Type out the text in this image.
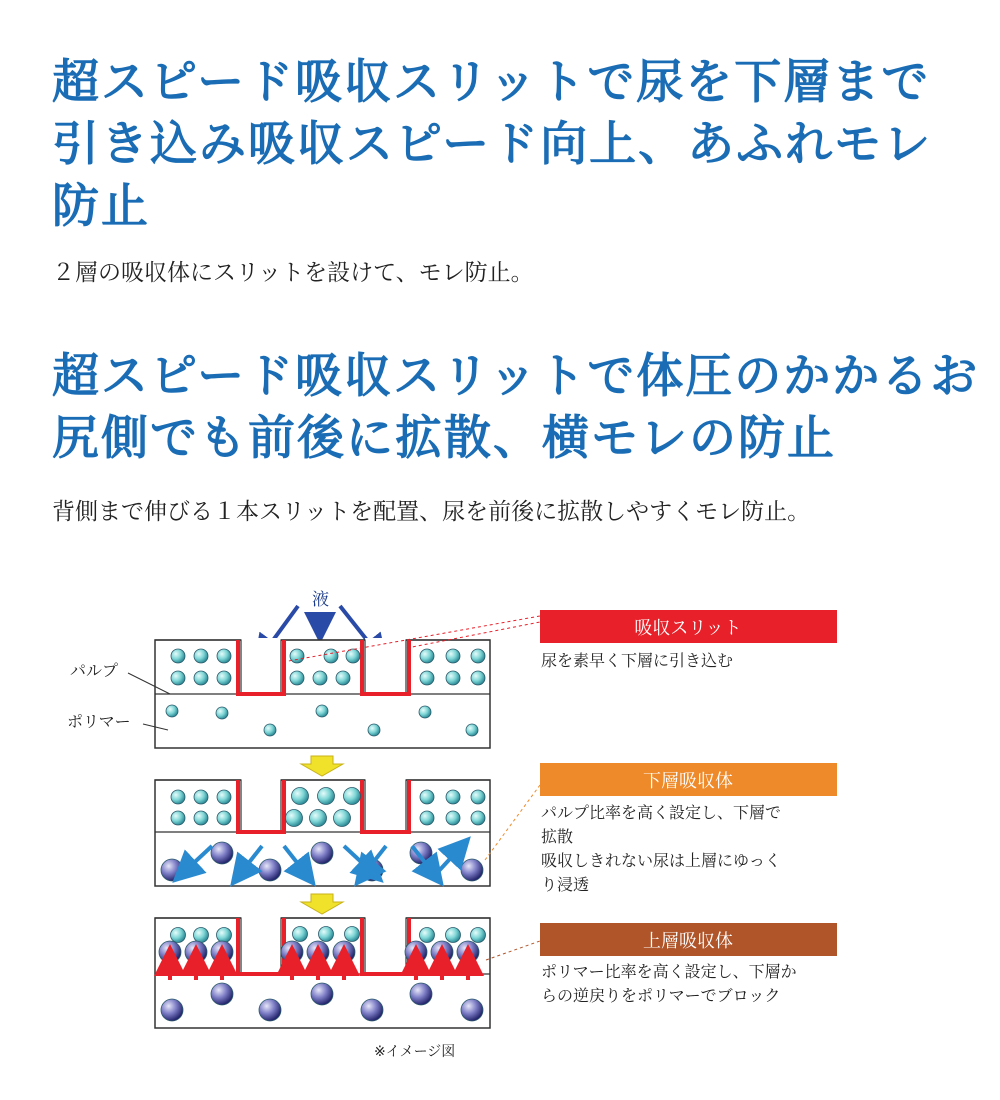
超スピード吸収スリットで尿を下層まで引き込み吸収スピード向上、あふれモレ防止

２層の吸収体にスリットを設けて、モレ防止。

超スピード吸収スリットで体圧のかかるお尻側でも前後に拡散、横モレの防止

背側まで伸びる１本スリットを配置、尿を前後に拡散しやすくモレ防止。

液
パルプ
ポリマー
※イメージ図
吸収スリット
尿を素早く下層に引き込む
下層吸収体
パルプ比率を高く設定し、下層で
拡散
吸収しきれない尿は上層にゆっく
り浸透
上層吸収体
ポリマー比率を高く設定し、下層か
らの逆戻りをポリマーでブロック
